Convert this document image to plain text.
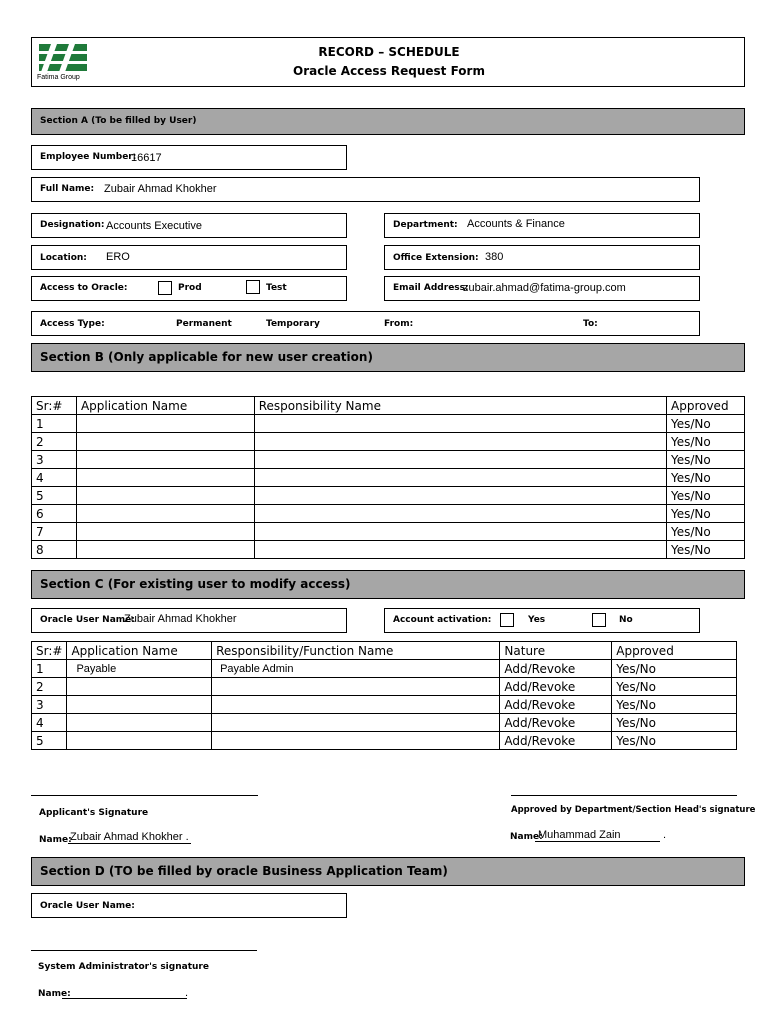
Fatima Group
RECORD – SCHEDULE
Oracle Access Request Form
Section A (To be filled by User)
Employee Number:
16617
Full Name: Zubair Ahmad Khokher
Designation: Accounts Executive	Department: Accounts & Finance
Location: ERO	Office Extension: 380
Access to Oracle:	Prod	Test	Email Address:
zubair.ahmad@fatima-group.com
Access Type:	Permanent	Temporary	From:	To:
Section B (Only applicable for new user creation)
Sr:#	Application Name	Responsibility Name	Approved
1			Yes/No
2			Yes/No
3			Yes/No
4			Yes/No
5			Yes/No
6			Yes/No
7			Yes/No
8			Yes/No
Section C (For existing user to modify access)
Oracle User Name:
Zubair Ahmad Khokher	Account activation:	Yes	No
Sr:#	Application Name	Responsibility/Function Name	Nature	Approved
1	Payable	Payable Admin	Add/Revoke	Yes/No
2			Add/Revoke	Yes/No
3			Add/Revoke	Yes/No
4			Add/Revoke	Yes/No
5			Add/Revoke	Yes/No
Applicant's Signature
Name:
Zubair Ahmad Khokher .
Approved by Department/Section Head's signature
Name:
Muhammad Zain	.
Section D (TO be filled by oracle Business Application Team)
Oracle User Name:
System Administrator's signature
Name:	.
